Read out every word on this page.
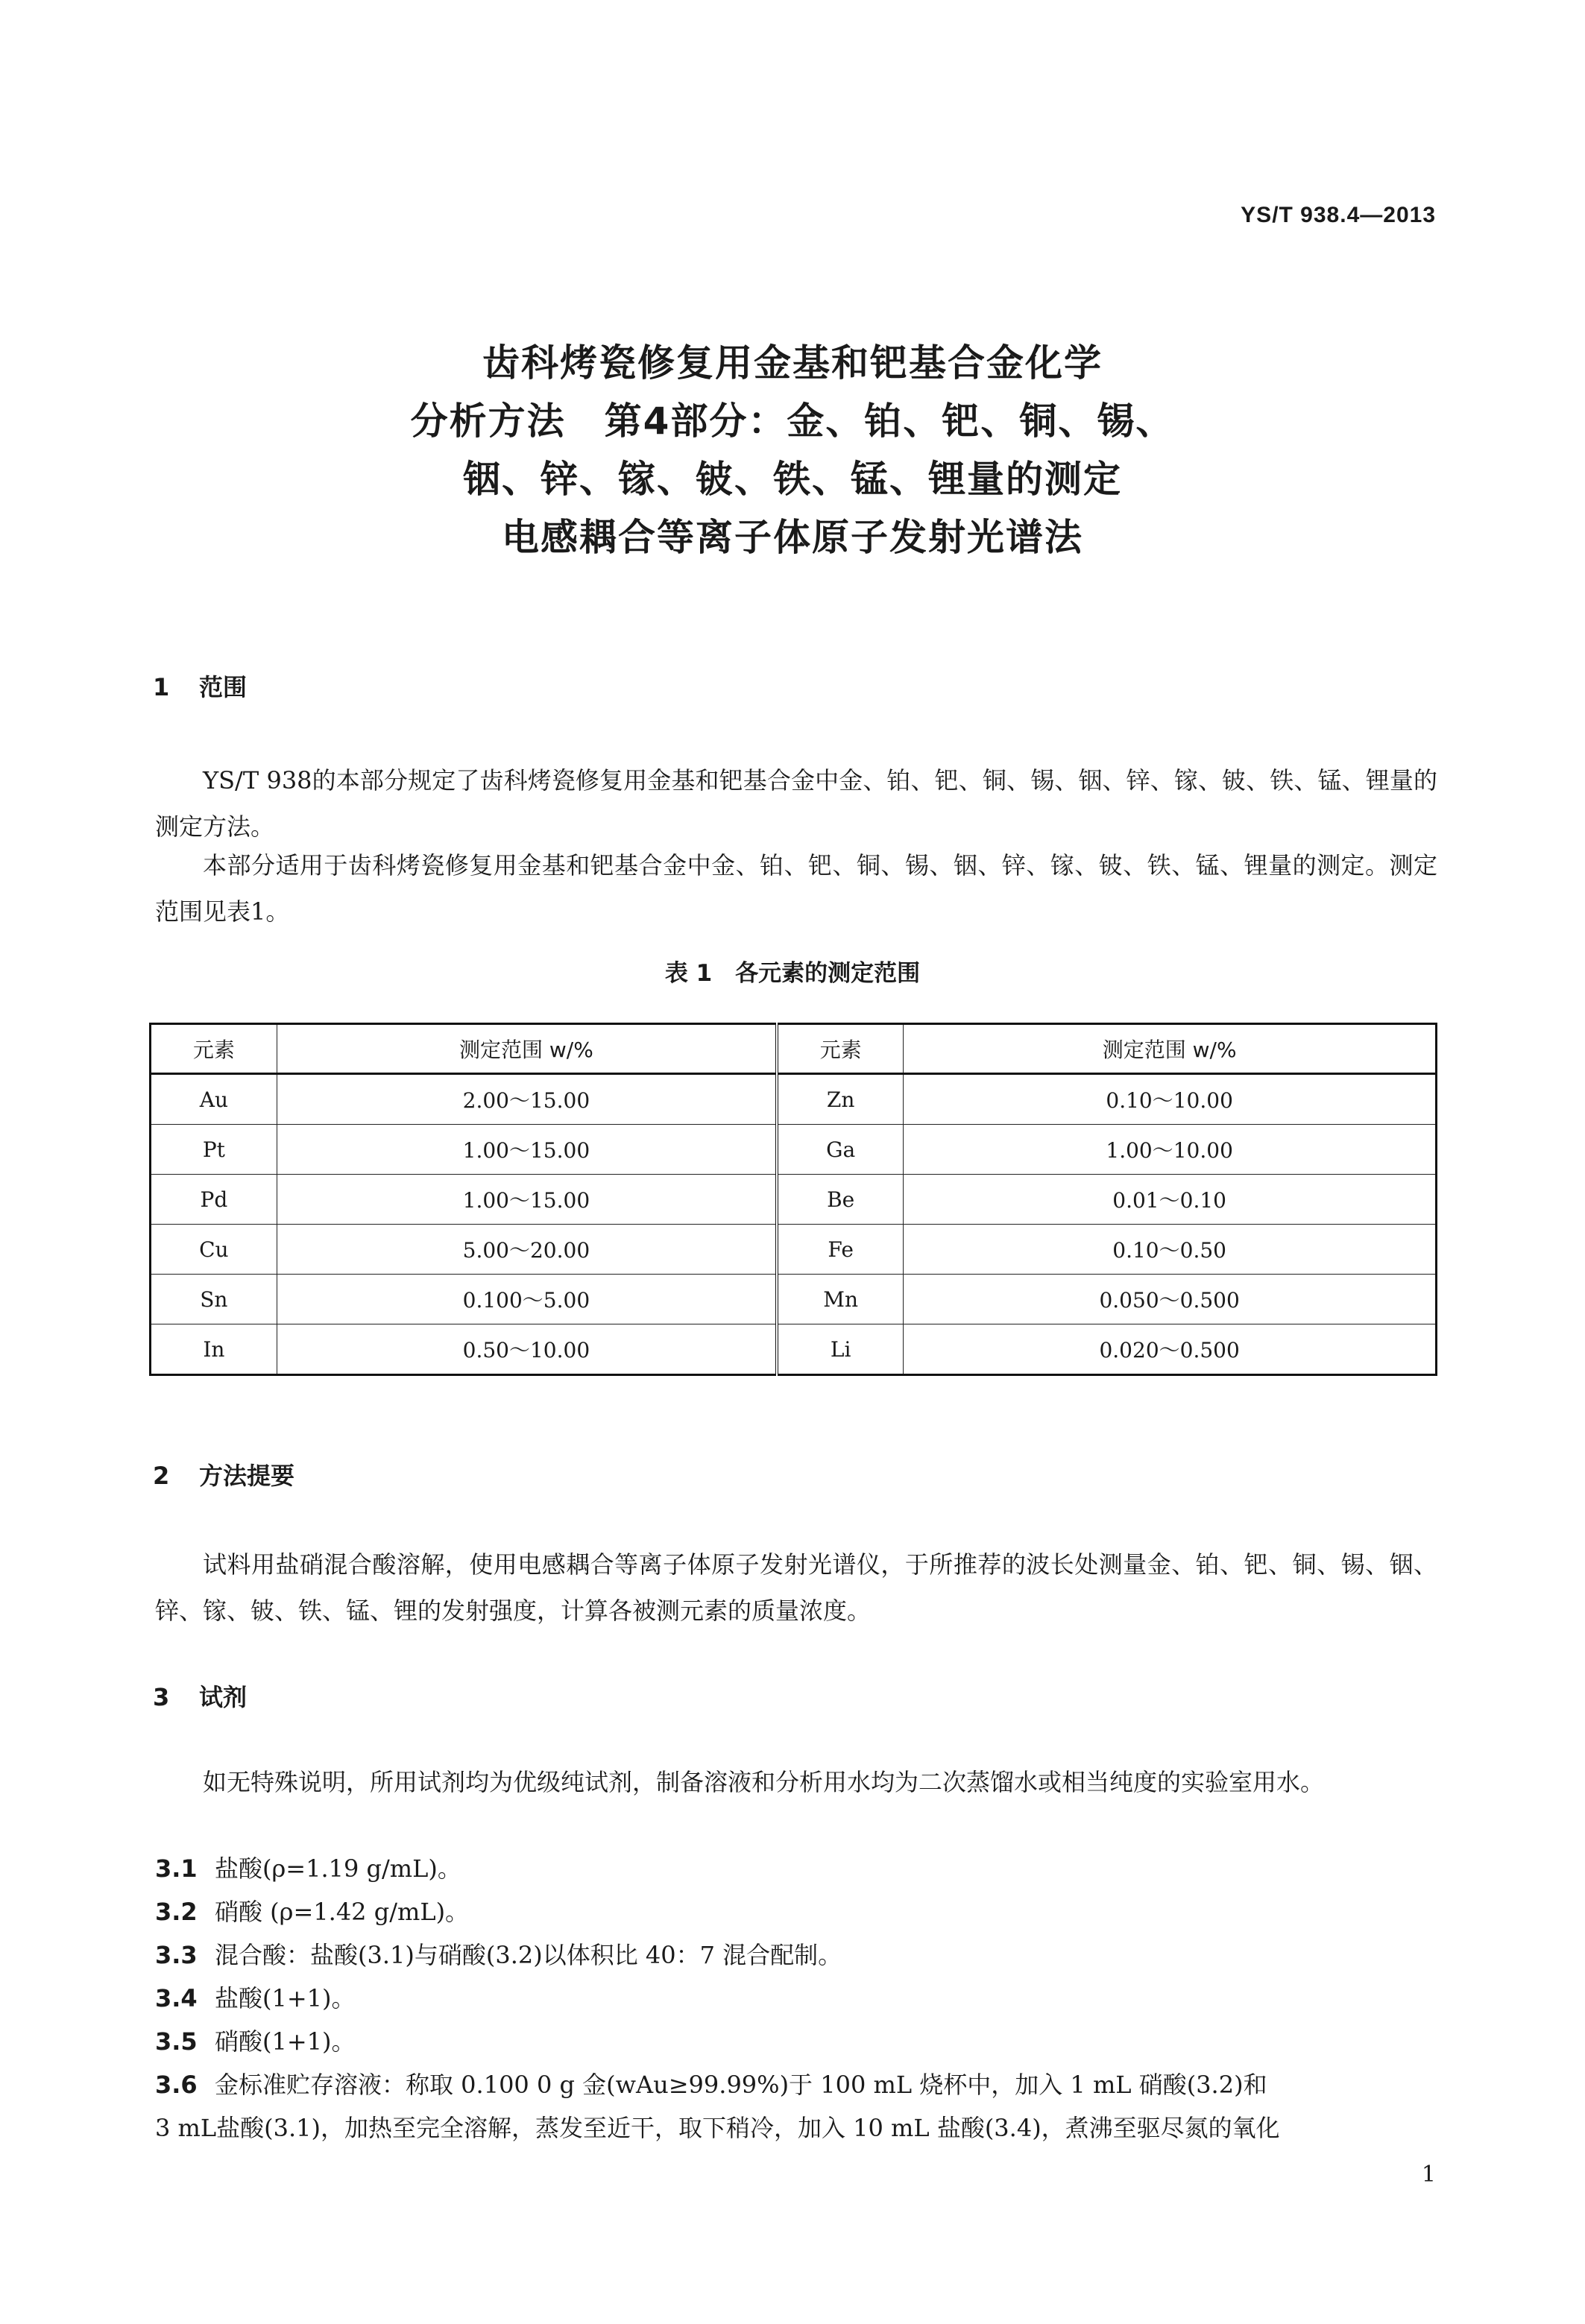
YS/T 938.4—2013
齿科烤瓷修复用金基和钯基合金化学
分析方法　第4部分：金、铂、钯、铜、锡、
铟、锌、镓、铍、铁、锰、锂量的测定
电感耦合等离子体原子发射光谱法
1 范围
YS/T 938的本部分规定了齿科烤瓷修复用金基和钯基合金中金、铂、钯、铜、锡、铟、锌、镓、铍、铁、锰、锂量的测定方法。
本部分适用于齿科烤瓷修复用金基和钯基合金中金、铂、钯、铜、锡、铟、锌、镓、铍、铁、锰、锂量的测定。测定范围见表1。
表 1　各元素的测定范围
元素	测定范围 w/%	元素	测定范围 w/%
Au	2.00～15.00	Zn	0.10～10.00
Pt	1.00～15.00	Ga	1.00～10.00
Pd	1.00～15.00	Be	0.01～0.10
Cu	5.00～20.00	Fe	0.10～0.50
Sn	0.100～5.00	Mn	0.050～0.500
In	0.50～10.00	Li	0.020～0.500
2 方法提要
试料用盐硝混合酸溶解，使用电感耦合等离子体原子发射光谱仪，于所推荐的波长处测量金、铂、钯、铜、锡、铟、锌、镓、铍、铁、锰、锂的发射强度，计算各被测元素的质量浓度。
3 试剂
如无特殊说明，所用试剂均为优级纯试剂，制备溶液和分析用水均为二次蒸馏水或相当纯度的实验室用水。
3.1 盐酸(ρ=1.19 g/mL)。
3.2 硝酸 (ρ=1.42 g/mL)。
3.3 混合酸：盐酸(3.1)与硝酸(3.2)以体积比 40：7 混合配制。
3.4 盐酸(1+1)。
3.5 硝酸(1+1)。
3.6 金标准贮存溶液：称取 0.100 0 g 金(wAu≥99.99%)于 100 mL 烧杯中，加入 1 mL 硝酸(3.2)和
3 mL盐酸(3.1)，加热至完全溶解，蒸发至近干，取下稍冷，加入 10 mL 盐酸(3.4)，煮沸至驱尽氮的氧化
1
